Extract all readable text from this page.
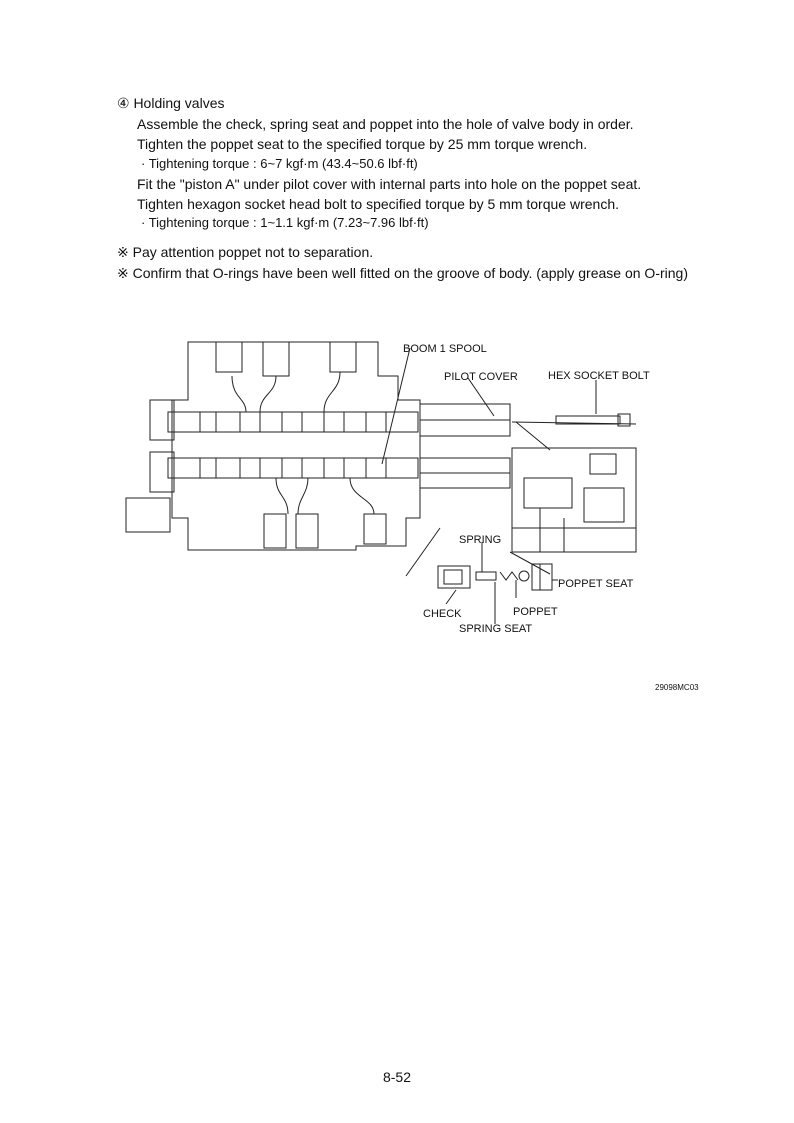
④ Holding valves
Assemble the check, spring seat and poppet into the hole of valve body in order.
Tighten the poppet seat to the specified torque by 25 mm torque wrench.
· Tightening torque : 6~7 kgf·m (43.4~50.6 lbf·ft)
Fit the "piston A" under pilot cover with internal parts into hole on the poppet seat.
Tighten hexagon socket head bolt to specified torque by 5 mm torque wrench.
· Tightening torque : 1~1.1 kgf·m (7.23~7.96 lbf·ft)
※ Pay attention poppet not to separation.
※ Confirm that O-rings have been well fitted on the groove of body. (apply grease on O-ring)
BOOM 1 SPOOL
PILOT COVER	HEX SOCKET BOLT
SPRING
POPPET SEAT
CHECK	POPPET
SPRING SEAT
29098MC03
8-52
